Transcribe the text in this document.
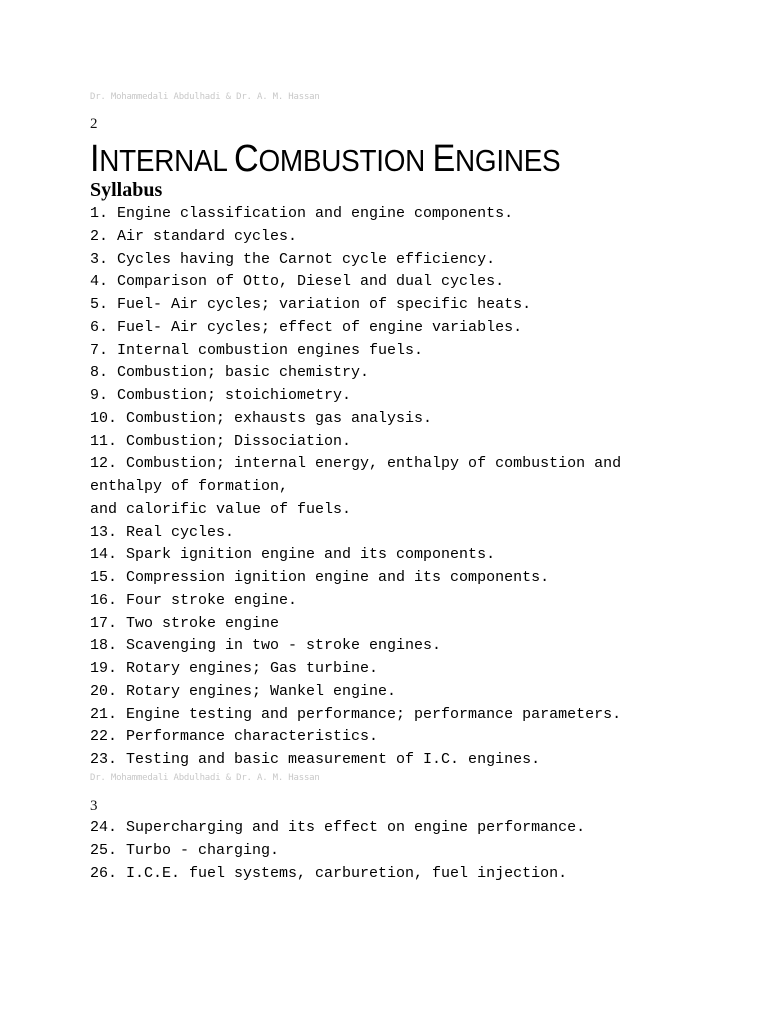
Dr. Mohammedali Abdulhadi & Dr. A. M. Hassan
2
INTERNAL COMBUSTION ENGINES
Syllabus
1. Engine classification and engine components.
2. Air standard cycles.
3. Cycles having the Carnot cycle efficiency.
4. Comparison of Otto, Diesel and dual cycles.
5. Fuel- Air cycles; variation of specific heats.
6. Fuel- Air cycles; effect of engine variables.
7. Internal combustion engines fuels.
8. Combustion; basic chemistry.
9. Combustion; stoichiometry.
10. Combustion; exhausts gas analysis.
11. Combustion; Dissociation.
12. Combustion; internal energy, enthalpy of combustion and
enthalpy of formation,
and calorific value of fuels.
13. Real cycles.
14. Spark ignition engine and its components.
15. Compression ignition engine and its components.
16. Four stroke engine.
17. Two stroke engine
18. Scavenging in two - stroke engines.
19. Rotary engines; Gas turbine.
20. Rotary engines; Wankel engine.
21. Engine testing and performance; performance parameters.
22. Performance characteristics.
23. Testing and basic measurement of I.C. engines.
Dr. Mohammedali Abdulhadi & Dr. A. M. Hassan
3
24. Supercharging and its effect on engine performance.
25. Turbo - charging.
26. I.C.E. fuel systems, carburetion, fuel injection.
